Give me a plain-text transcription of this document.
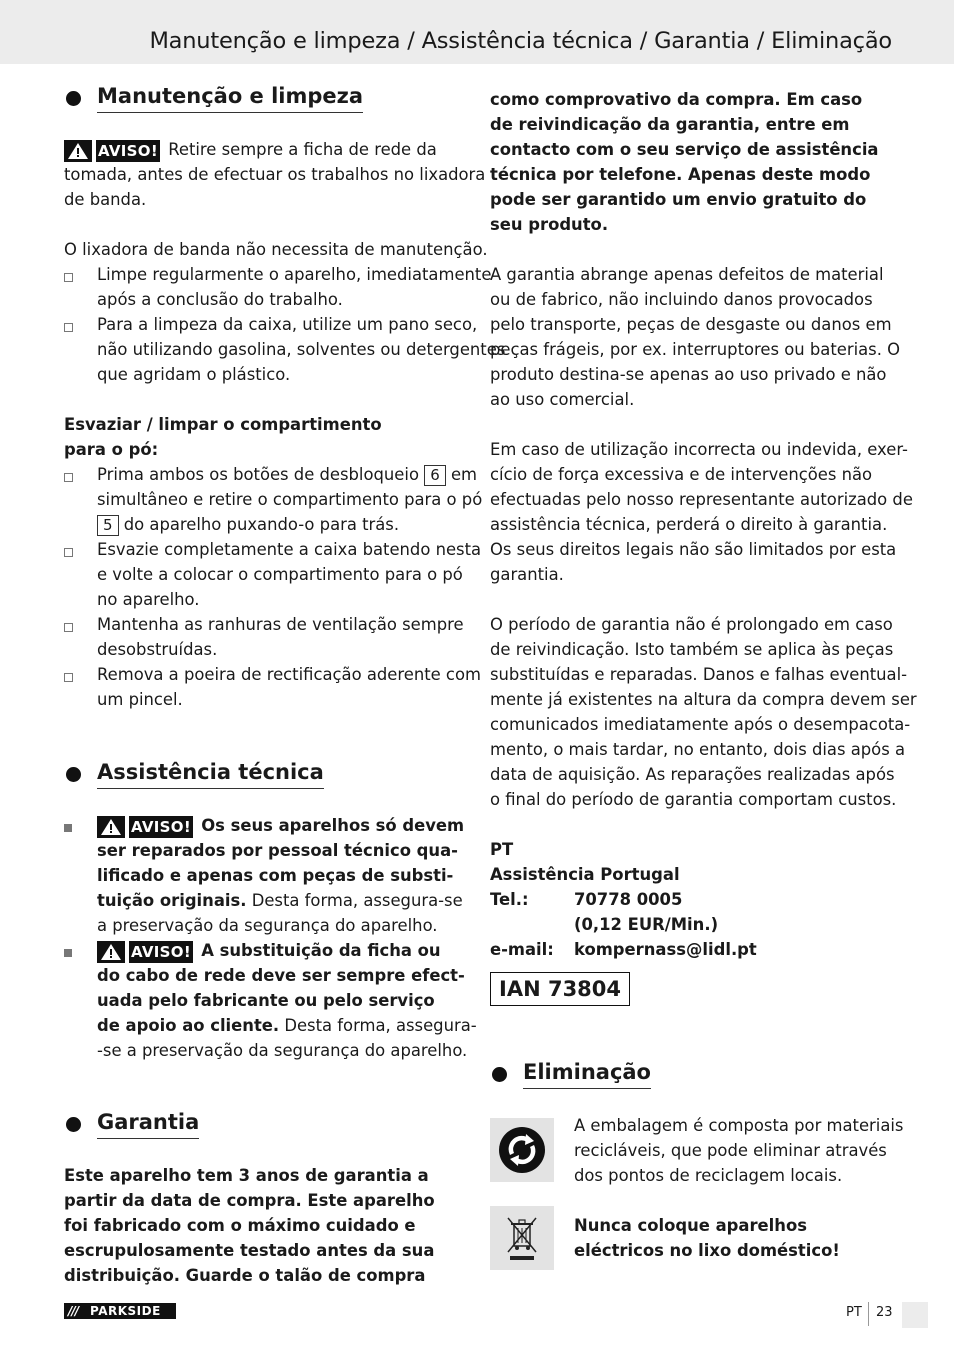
Manutenção e limpeza / Assistência técnica / Garantia / Eliminação
Manutenção e limpeza
AVISO! Retire sempre a ficha de rede da
tomada, antes de efectuar os trabalhos no lixadora
de banda.
O lixadora de banda não necessita de manutenção.
Limpe regularmente o aparelho, imediatamente
após a conclusão do trabalho.
Para a limpeza da caixa, utilize um pano seco,
não utilizando gasolina, solventes ou detergentes
que agridam o plástico.
Esvaziar / limpar o compartimento
para o pó:
Prima ambos os botões de desbloqueio 6 em
simultâneo e retire o compartimento para o pó
5 do aparelho puxando-o para trás.
Esvazie completamente a caixa batendo nesta
e volte a colocar o compartimento para o pó
no aparelho.
Mantenha as ranhuras de ventilação sempre
desobstruídas.
Remova a poeira de rectificação aderente com
um pincel.
Assistência técnica
AVISO! Os seus aparelhos só devem
ser reparados por pessoal técnico qua-
lificado e apenas com peças de substi-
tuição originais. Desta forma, assegura-se
a preservação da segurança do aparelho.
AVISO! A substituição da ficha ou
do cabo de rede deve ser sempre efect-
uada pelo fabricante ou pelo serviço
de apoio ao cliente. Desta forma, assegura-
-se a preservação da segurança do aparelho.
Garantia
Este aparelho tem 3 anos de garantia a
partir da data de compra. Este aparelho
foi fabricado com o máximo cuidado e
escrupulosamente testado antes da sua
distribuição. Guarde o talão de compra
como comprovativo da compra. Em caso
de reivindicação da garantia, entre em
contacto com o seu serviço de assistência
técnica por telefone. Apenas deste modo
pode ser garantido um envio gratuito do
seu produto.
A garantia abrange apenas defeitos de material
ou de fabrico, não incluindo danos provocados
pelo transporte, peças de desgaste ou danos em
peças frágeis, por ex. interruptores ou baterias. O
produto destina-se apenas ao uso privado e não
ao uso comercial.
Em caso de utilização incorrecta ou indevida, exer-
cício de força excessiva e de intervenções não
efectuadas pelo nosso representante autorizado de
assistência técnica, perderá o direito à garantia.
Os seus direitos legais não são limitados por esta
garantia.
O período de garantia não é prolongado em caso
de reivindicação. Isto também se aplica às peças
substituídas e reparadas. Danos e falhas eventual-
mente já existentes na altura da compra devem ser
comunicados imediatamente após o desempacota-
mento, o mais tardar, no entanto, dois dias após a
data de aquisição. As reparações realizadas após
o final do período de garantia comportam custos.
PT
Assistência Portugal
Tel.:	70778 0005
(0,12 EUR/Min.)
e-mail: kompernass@lidl.pt
IAN 73804
Eliminação
A embalagem é composta por materiais
recicláveis, que pode eliminar através
dos pontos de reciclagem locais.
Nunca coloque aparelhos
eléctricos no lixo doméstico!
/// PARKSIDE	PT 23
